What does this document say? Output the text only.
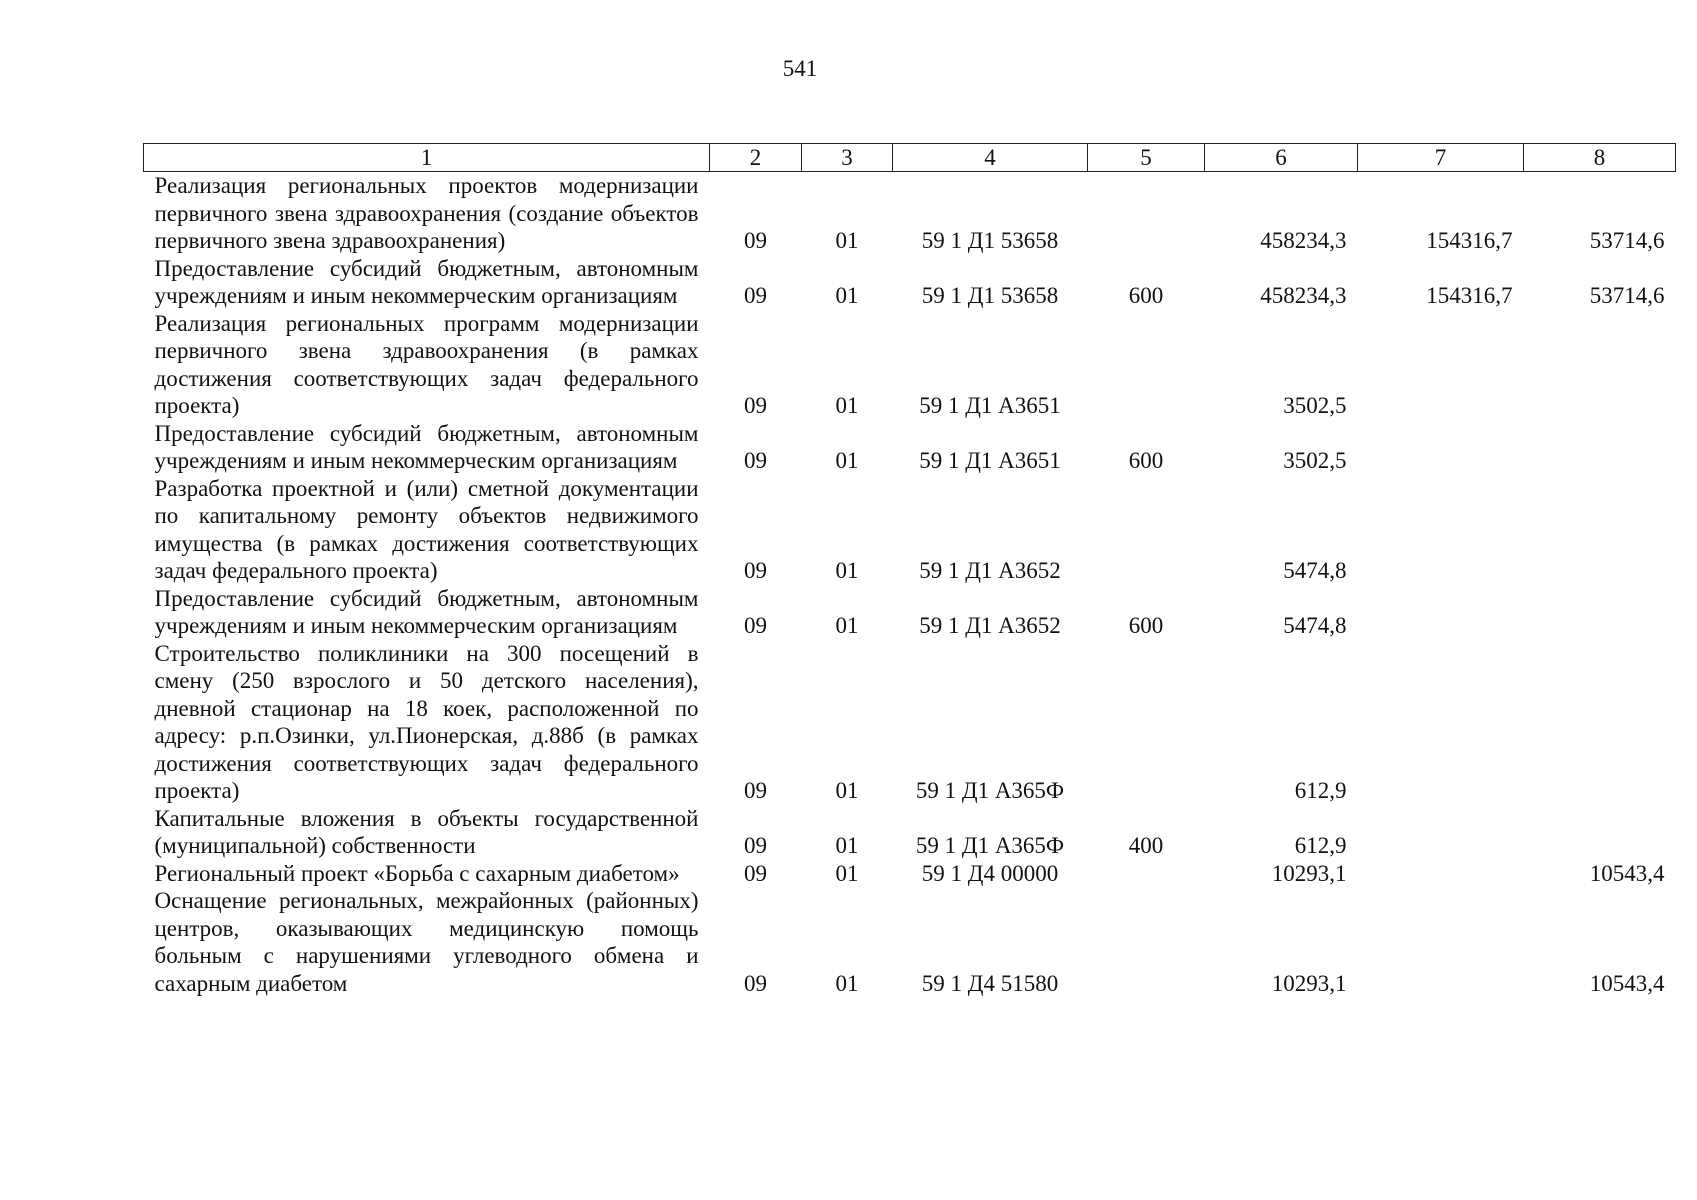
541
1	2	3	4	5	6	7	8
Реализация региональных проектов модернизации первичного звена здравоохранения (создание объектов первичного звена здравоохранения)	09	01	59 1 Д1 53658		458234,3	154316,7	53714,6
Предоставление субсидий бюджетным, автономным учреждениям и иным некоммерческим организациям	09	01	59 1 Д1 53658	600	458234,3	154316,7	53714,6
Реализация региональных программ модернизации первичного звена здравоохранения (в рамках достижения соответствующих задач федерального проекта)	09	01	59 1 Д1 А3651		3502,5		
Предоставление субсидий бюджетным, автономным учреждениям и иным некоммерческим организациям	09	01	59 1 Д1 А3651	600	3502,5		
Разработка проектной и (или) сметной документации по капитальному ремонту объектов недвижимого имущества (в рамках достижения соответствующих задач федерального проекта)	09	01	59 1 Д1 А3652		5474,8		
Предоставление субсидий бюджетным, автономным учреждениям и иным некоммерческим организациям	09	01	59 1 Д1 А3652	600	5474,8		
Строительство поликлиники на 300 посещений в смену (250 взрослого и 50 детского населения), дневной стационар на 18 коек, расположенной по адресу: р.п.Озинки, ул.Пионерская, д.88б (в рамках достижения соответствующих задач федерального проекта)	09	01	59 1 Д1 А365Ф		612,9		
Капитальные вложения в объекты государственной (муниципальной) собственности	09	01	59 1 Д1 А365Ф	400	612,9		
Региональный проект «Борьба с сахарным диабетом»	09	01	59 1 Д4 00000		10293,1		10543,4
Оснащение региональных, межрайонных (районных) центров, оказывающих медицинскую помощь больным с нарушениями углеводного обмена и сахарным диабетом	09	01	59 1 Д4 51580		10293,1		10543,4
